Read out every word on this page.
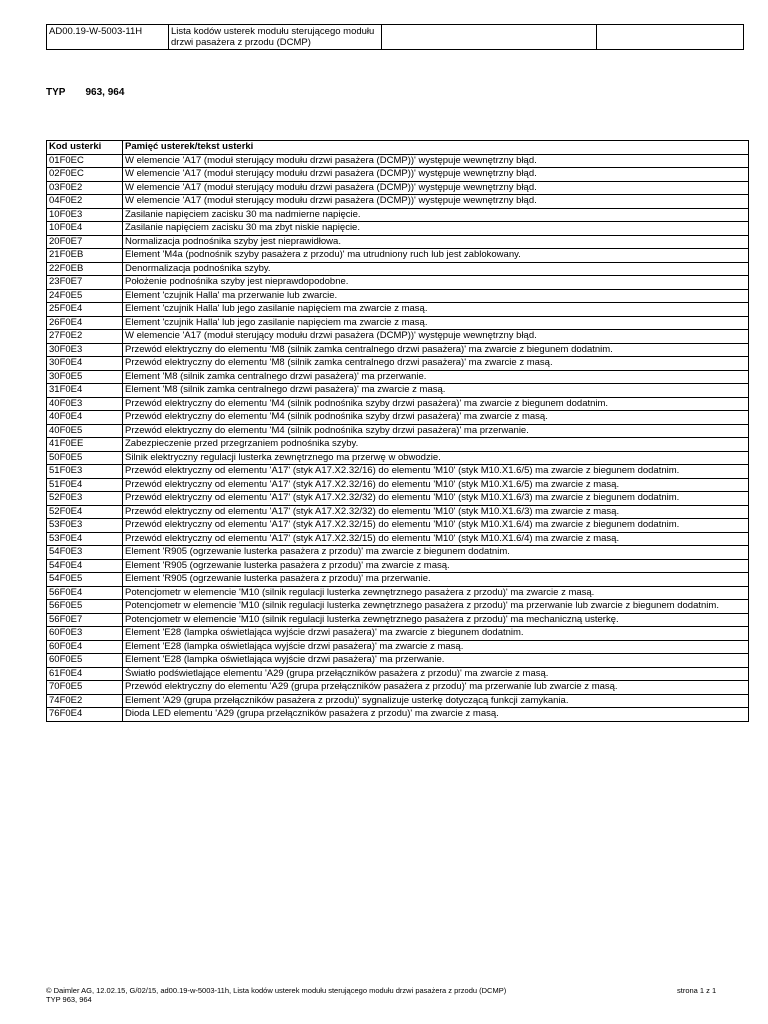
AD00.19-W-5003-11H	Lista kodów usterek modułu sterującego modułu drzwi pasażera z przodu (DCMP)		
TYP 963, 964
Kod usterki	Pamięć usterek/tekst usterki
01F0EC	W elemencie 'A17 (moduł sterujący modułu drzwi pasażera (DCMP))' występuje wewnętrzny błąd.
02F0EC	W elemencie 'A17 (moduł sterujący modułu drzwi pasażera (DCMP))' występuje wewnętrzny błąd.
03F0E2	W elemencie 'A17 (moduł sterujący modułu drzwi pasażera (DCMP))' występuje wewnętrzny błąd.
04F0E2	W elemencie 'A17 (moduł sterujący modułu drzwi pasażera (DCMP))' występuje wewnętrzny błąd.
10F0E3	Zasilanie napięciem zacisku 30 ma nadmierne napięcie.
10F0E4	Zasilanie napięciem zacisku 30 ma zbyt niskie napięcie.
20F0E7	Normalizacja podnośnika szyby jest nieprawidłowa.
21F0EB	Element 'M4a (podnośnik szyby pasażera z przodu)' ma utrudniony ruch lub jest zablokowany.
22F0EB	Denormalizacja podnośnika szyby.
23F0E7	Położenie podnośnika szyby jest nieprawdopodobne.
24F0E5	Element 'czujnik Halla' ma przerwanie lub zwarcie.
25F0E4	Element 'czujnik Halla' lub jego zasilanie napięciem ma zwarcie z masą.
26F0E4	Element 'czujnik Halla' lub jego zasilanie napięciem ma zwarcie z masą.
27F0E2	W elemencie 'A17 (moduł sterujący modułu drzwi pasażera (DCMP))' występuje wewnętrzny błąd.
30F0E3	Przewód elektryczny do elementu 'M8 (silnik zamka centralnego drzwi pasażera)' ma zwarcie z biegunem dodatnim.
30F0E4	Przewód elektryczny do elementu 'M8 (silnik zamka centralnego drzwi pasażera)' ma zwarcie z masą.
30F0E5	Element 'M8 (silnik zamka centralnego drzwi pasażera)' ma przerwanie.
31F0E4	Element 'M8 (silnik zamka centralnego drzwi pasażera)' ma zwarcie z masą.
40F0E3	Przewód elektryczny do elementu 'M4 (silnik podnośnika szyby drzwi pasażera)' ma zwarcie z biegunem dodatnim.
40F0E4	Przewód elektryczny do elementu 'M4 (silnik podnośnika szyby drzwi pasażera)' ma zwarcie z masą.
40F0E5	Przewód elektryczny do elementu 'M4 (silnik podnośnika szyby drzwi pasażera)' ma przerwanie.
41F0EE	Zabezpieczenie przed przegrzaniem podnośnika szyby.
50F0E5	Silnik elektryczny regulacji lusterka zewnętrznego ma przerwę w obwodzie.
51F0E3	Przewód elektryczny od elementu 'A17' (styk A17.X2.32/16) do elementu 'M10' (styk M10.X1.6/5) ma zwarcie z biegunem dodatnim.
51F0E4	Przewód elektryczny od elementu 'A17' (styk A17.X2.32/16) do elementu 'M10' (styk M10.X1.6/5) ma zwarcie z masą.
52F0E3	Przewód elektryczny od elementu 'A17' (styk A17.X2.32/32) do elementu 'M10' (styk M10.X1.6/3) ma zwarcie z biegunem dodatnim.
52F0E4	Przewód elektryczny od elementu 'A17' (styk A17.X2.32/32) do elementu 'M10' (styk M10.X1.6/3) ma zwarcie z masą.
53F0E3	Przewód elektryczny od elementu 'A17' (styk A17.X2.32/15) do elementu 'M10' (styk M10.X1.6/4) ma zwarcie z biegunem dodatnim.
53F0E4	Przewód elektryczny od elementu 'A17' (styk A17.X2.32/15) do elementu 'M10' (styk M10.X1.6/4) ma zwarcie z masą.
54F0E3	Element 'R905 (ogrzewanie lusterka pasażera z przodu)' ma zwarcie z biegunem dodatnim.
54F0E4	Element 'R905 (ogrzewanie lusterka pasażera z przodu)' ma zwarcie z masą.
54F0E5	Element 'R905 (ogrzewanie lusterka pasażera z przodu)' ma przerwanie.
56F0E4	Potencjometr w elemencie 'M10 (silnik regulacji lusterka zewnętrznego pasażera z przodu)' ma zwarcie z masą.
56F0E5	Potencjometr w elemencie 'M10 (silnik regulacji lusterka zewnętrznego pasażera z przodu)' ma przerwanie lub zwarcie z biegunem dodatnim.
56F0E7	Potencjometr w elemencie 'M10 (silnik regulacji lusterka zewnętrznego pasażera z przodu)' ma mechaniczną usterkę.
60F0E3	Element 'E28 (lampka oświetlająca wyjście drzwi pasażera)' ma zwarcie z biegunem dodatnim.
60F0E4	Element 'E28 (lampka oświetlająca wyjście drzwi pasażera)' ma zwarcie z masą.
60F0E5	Element 'E28 (lampka oświetlająca wyjście drzwi pasażera)' ma przerwanie.
61F0E4	Światło podświetlające elementu 'A29 (grupa przełączników pasażera z przodu)' ma zwarcie z masą.
70F0E5	Przewód elektryczny do elementu 'A29 (grupa przełączników pasażera z przodu)' ma przerwanie lub zwarcie z masą.
74F0E2	Element 'A29 (grupa przełączników pasażera z przodu)' sygnalizuje usterkę dotyczącą funkcji zamykania.
76F0E4	Dioda LED elementu 'A29 (grupa przełączników pasażera z przodu)' ma zwarcie z masą.
© Daimler AG, 12.02.15, G/02/15, ad00.19-w-5003-11h, Lista kodów usterek modułu sterującego modułu drzwi pasażera z przodu (DCMP)
TYP 963, 964
strona 1 z 1
